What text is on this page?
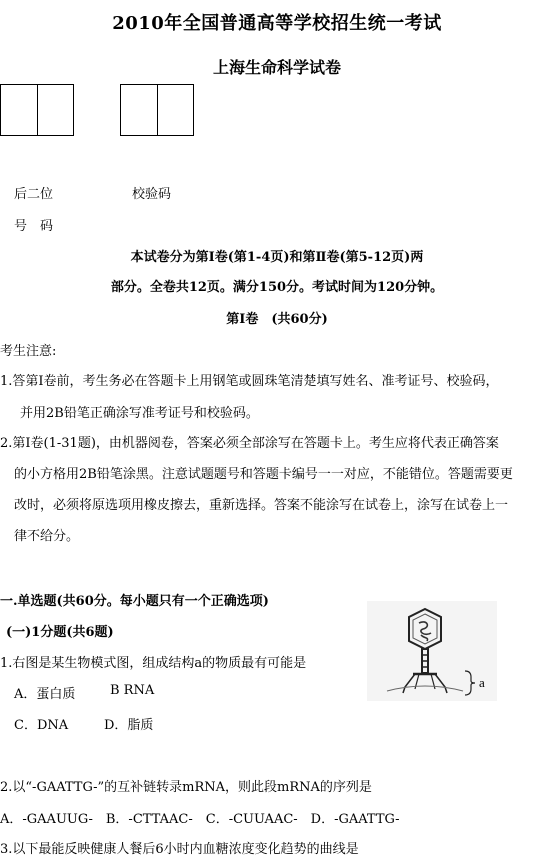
2010年全国普通高等学校招生统一考试
上海生命科学试卷
后二位
号　码
校验码
本试卷分为第Ⅰ卷(第1-4页)和第Ⅱ卷(第5-12页)两
部分。全卷共12页。满分150分。考试时间为120分钟。
第Ⅰ卷　(共60分)
考生注意:
1.答第Ⅰ卷前，考生务必在答题卡上用钢笔或圆珠笔清楚填写姓名、准考证号、校验码，
并用2B铅笔正确涂写准考证号和校验码。
2.第Ⅰ卷(1-31题)，由机器阅卷，答案必须全部涂写在答题卡上。考生应将代表正确答案
的小方格用2B铅笔涂黑。注意试题题号和答题卡编号一一对应，不能错位。答题需要更
改时，必须将原选项用橡皮擦去，重新选择。答案不能涂写在试卷上，涂写在试卷上一
律不给分。
一.单选题(共60分。每小题只有一个正确选项)
(一)1分题(共6题)
1.右图是某生物模式图，组成结构a的物质最有可能是
A．蛋白质	B RNA
C．DNA	D．脂质
2.以“-GAATTG-”的互补链转录mRNA，则此段mRNA的序列是
A．-GAAUUG-　B．-CTTAAC-　C．-CUUAAC-　D．-GAATTG-
3.以下最能反映健康人餐后6小时内血糖浓度变化趋势的曲线是
a
